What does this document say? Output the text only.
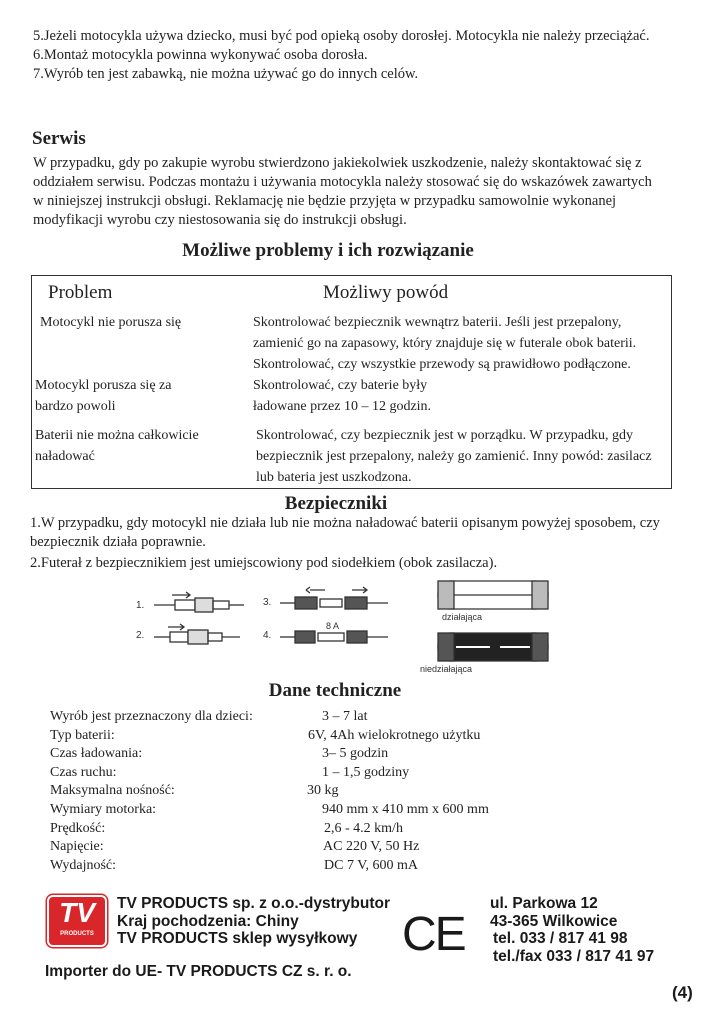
5.Jeżeli motocykla używa dziecko, musi być pod opieką osoby dorosłej. Motocykla nie należy przeciążać.

6.Montaż motocykla powinna wykonywać osoba dorosła.

7.Wyrób ten jest zabawką, nie można używać go do innych celów.

Serwis

W przypadku, gdy po zakupie wyrobu stwierdzono jakiekolwiek uszkodzenie, należy skontaktować się z oddziałem serwisu. Podczas montażu i używania motocykla należy stosować się do wskazówek zawartych w niniejszej instrukcji obsługi. Reklamację nie będzie przyjęta w przypadku samowolnie wykonanej modyfikacji wyrobu czy niestosowania się do instrukcji obsługi.

Możliwe problemy i ich rozwiązanie
Problem	Możliwy powód
Motocykl nie porusza się	Skontrolować bezpiecznik wewnątrz baterii. Jeśli jest przepalony, zamienić go na zapasowy, który znajduje się w futerale obok baterii. Skontrolować, czy wszystkie przewody są prawidłowo podłączone.
Motocykl porusza się za bardzo powoli	Skontrolować, czy baterie były ładowane przez 10 – 12 godzin.
Baterii nie można całkowicie naładować	Skontrolować, czy bezpiecznik jest w porządku. W przypadku, gdy bezpiecznik jest przepalony, należy go zamienić. Inny powód: zasilacz lub bateria jest uszkodzona.
Bezpieczniki

1.W przypadku, gdy motocykl nie działa lub nie można naładować baterii opisanym powyżej sposobem, czy bezpiecznik działa poprawnie.

2.Futerał z bezpiecznikiem jest umiejscowiony pod siodełkiem (obok zasilacza).

1.
2.
3.
4.
8 A
działająca
niedziałająca
Dane techniczne
Wyrób jest przeznaczony dla dzieci:	3 – 7 lat
Typ baterii:	6V, 4Ah wielokrotnego użytku
Czas ładowania:	3– 5 godzin
Czas ruchu:	1 – 1,5 godziny
Maksymalna nośność:	30 kg
Wymiary motorka:	940 mm x 410 mm x 600 mm
Prędkość:	2,6 - 4.2 km/h
Napięcie:	AC 220 V, 50 Hz
Wydajność:	DC 7 V, 600 mA
TV
PRODUCTS
TV PRODUCTS sp. z o.o.-dystrybutor
Kraj pochodzenia: Chiny
TV PRODUCTS sklep wysyłkowy CE
ul. Parkowa 12
43-365 Wilkowice
tel. 033 / 817 41 98
tel./fax 033 / 817 41 97
Importer do UE- TV PRODUCTS CZ s. r. o.
(4)
